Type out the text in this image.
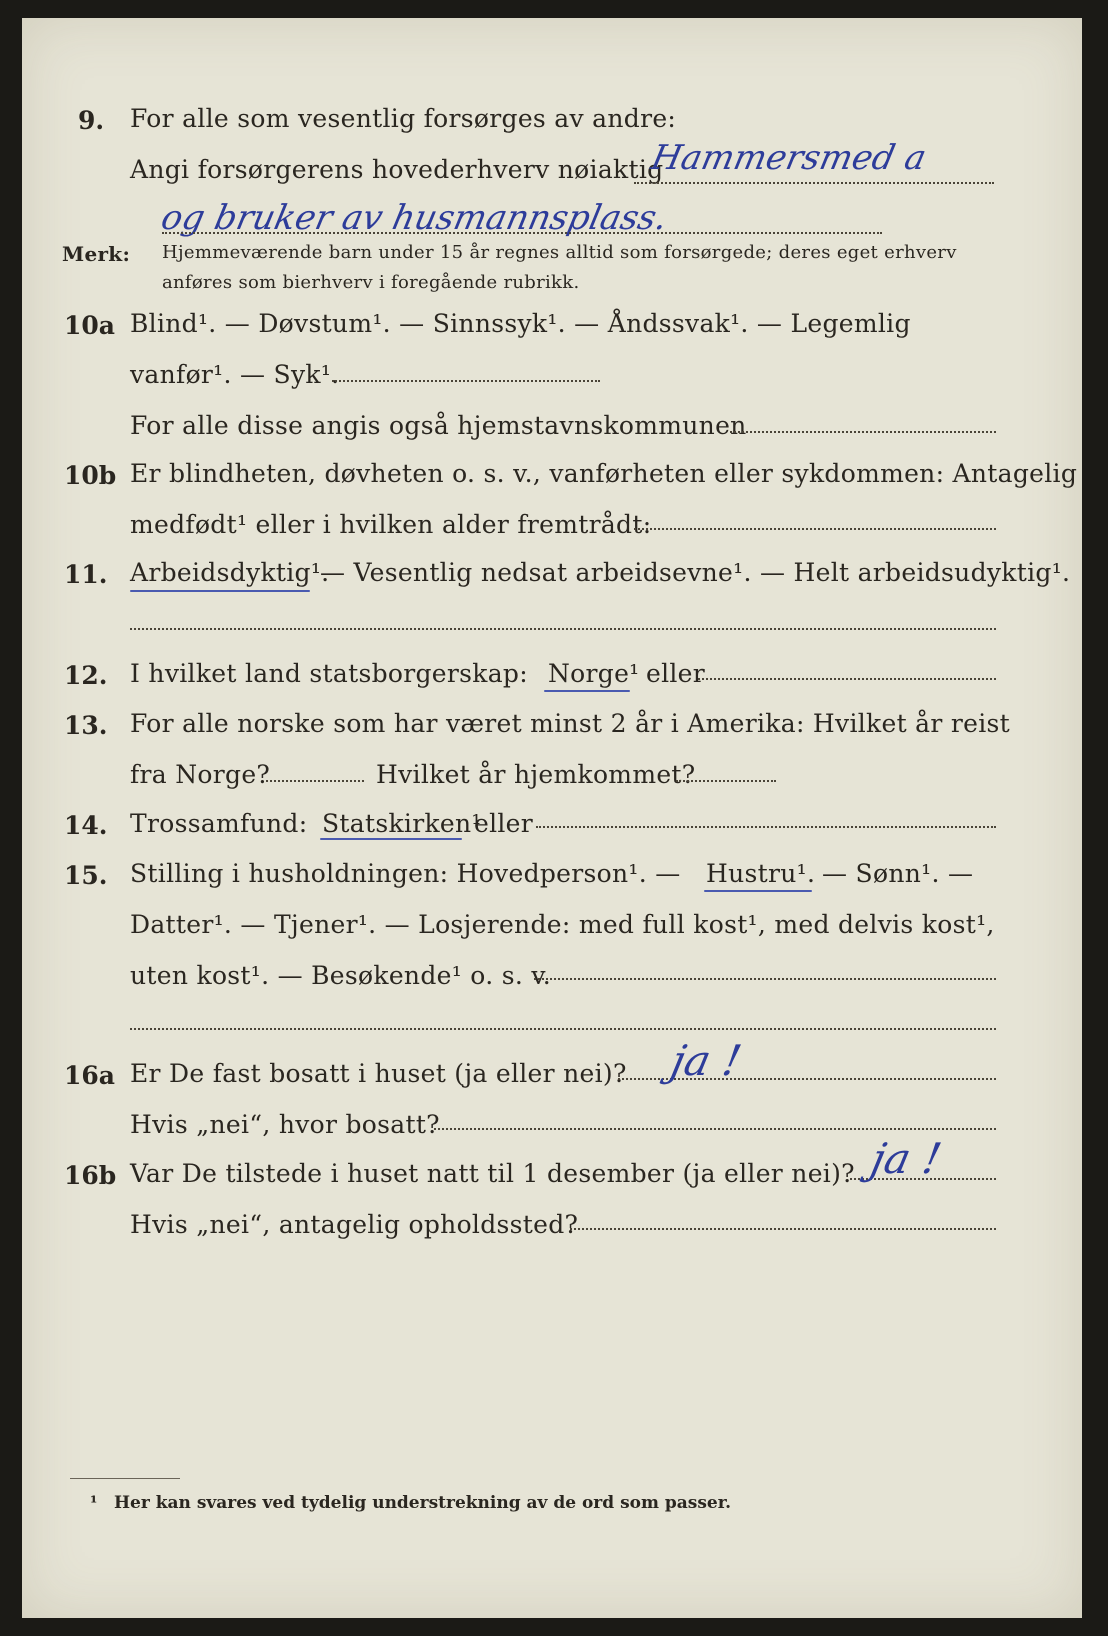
9. For alle som vesentlig forsørges av andre:
Angi forsørgerens hovederhverv nøiaktig
Hammersmed a
og bruker av husmannsplass.
Merk: Hjemmeværende barn under 15 år regnes alltid som forsørgede; deres eget erhverv
anføres som bierhverv i foregående rubrikk.
10a Blind¹. — Døvstum¹. — Sinnssyk¹. — Åndssvak¹. — Legemlig
vanfør¹. — Syk¹.
For alle disse angis også hjemstavnskommunen
10b Er blindheten, døvheten o. s. v., vanførheten eller sykdommen: Antagelig
medfødt¹ eller i hvilken alder fremtrådt:
11. Arbeidsdyktig¹.
— Vesentlig nedsat arbeidsevne¹. — Helt arbeidsudyktig¹.
12. I hvilket land statsborgerskap: Norge¹ eller
13. For alle norske som har været minst 2 år i Amerika: Hvilket år reist
fra Norge?	Hvilket år hjemkommet?
14. Trossamfund: Statskirken¹
eller
15. Stilling i husholdningen: Hovedperson¹. — Hustru¹. — Sønn¹. —
Datter¹. — Tjener¹. — Losjerende: med full kost¹, med delvis kost¹,
uten kost¹. — Besøkende¹ o. s. v.
16a Er De fast bosatt i huset (ja eller nei)? ja !
Hvis „nei“, hvor bosatt?
16b Var De tilstede i huset natt til 1 desember (ja eller nei)? ja !
Hvis „nei“, antagelig opholdssted?
¹ Her kan svares ved tydelig understrekning av de ord som passer.
